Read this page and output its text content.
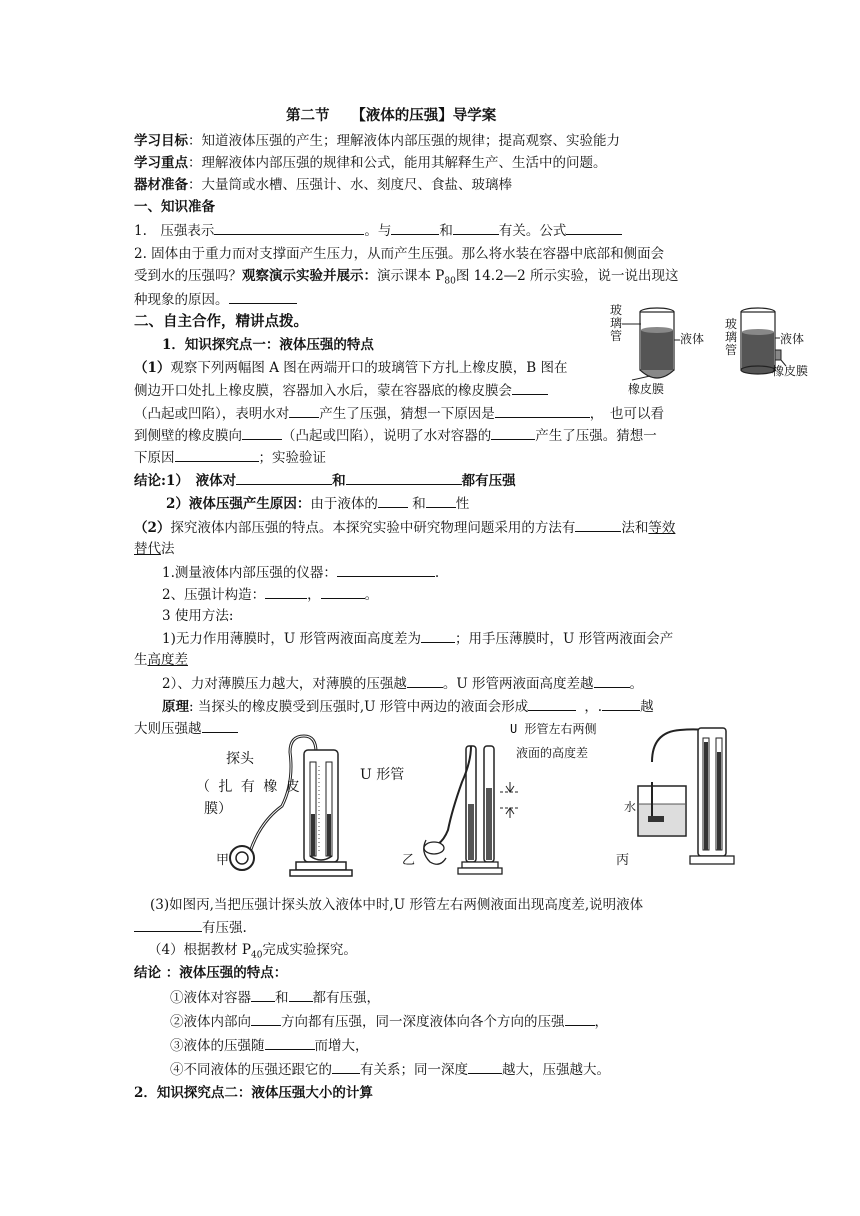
第二节　　【液体的压强】导学案
学习目标：知道液体压强的产生；理解液体内部压强的规律；提高观察、实验能力
学习重点：理解液体内部压强的规律和公式，能用其解释生产、生活中的问题。
器材准备：大量筒或水槽、压强计、水、刻度尺、食盐、玻璃棒
一、知识准备
1.　压强表示	。与	和	有关。公式
2. 固体由于重力而对支撑面产生压力，从而产生压强。那么将水装在容器中底部和侧面会
受到水的压强吗？观察演示实验并展示：演示课本 $P_{80}$图 14.2—2 所示实验，说一说出现这
种现象的原因。
二、自主合作，精讲点拨。
1．知识探究点一：液体压强的特点
（1）观察下列两幅图 A 图在两端开口的玻璃管下方扎上橡皮膜，B 图在
侧边开口处扎上橡皮膜，容器加入水后，蒙在容器底的橡皮膜会
（凸起或凹陷），表明水对 产生了压强，猜想一下原因是	，　也可以看
到侧壁的橡皮膜向	（凸起或凹陷），说明了水对容器的	产生了压强。猜想一
下原因	；实验验证
玻璃管	液体
橡皮膜
玻璃管
液体
橡皮膜
结论:1）　液体对	和	都有压强
2）液体压强产生原因：由于液体的	和 性
（2）探究液体内部压强的特点。本探究实验中研究物理问题采用的方法有	法和等效
替代法
1.测量液体内部压强的仪器：	.
2、压强计构造：	，	。
3 使用方法:
1)无力作用薄膜时，U 形管两液面高度差为	；用手压薄膜时，U 形管两液面会产
生高度差
2）、力对薄膜压力越大，对薄膜的压强越	。U 形管两液面高度差越	。
原理: 当探头的橡皮膜受到压强时,U 形管中两边的液面会形成	，.	越
大则压强越
探头
（ 扎 有 橡 皮
膜）
U 形管
U 形管左右两侧
液面的高度差
甲	乙	丙
水
(3)如图丙,当把压强计探头放入液体中时,U 形管左右两侧液面出现高度差,说明液体
有压强.
（4）根据教材 $P_{40}$完成实验探究。
结论 ：液体压强的特点：
①液体对容器 和 都有压强，
②液体内部向 方向都有压强，同一深度液体向各个方向的压强 ，
③液体的压强随	而增大，
④不同液体的压强还跟它的 有关系；同一深度	越大，压强越大。
2．知识探究点二：液体压强大小的计算
